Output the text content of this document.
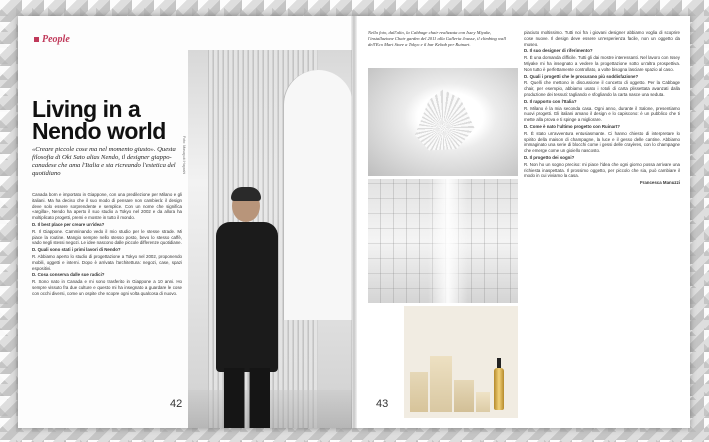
People
Living in a
Nendo world
«Creare piccole cose ma nel momento giusto». Questa filosofia di Oki Sato alias Nendo, il designer giappo-canadese che ama l'Italia e sta ricreando l'estetica del quotidiano

Canada born e importato in Giappone, con una predilezione per Milano e gli italiani. Ma ha deciso che il suo modo di pensare non cambierà: il design deve solo essere sorprendente e semplice. Con un nome che significa «argilla», Nendo ha aperto il suo studio a Tokyo nel 2002 e da allora ha moltiplicato progetti, premi e mostre in tutto il mondo.

D. Il best place per creare un'idea?

R. Il Giappone. Camminando vedo il mio studio per le stesse strade. Mi piace la routine. Mangio sempre nello stesso posto, bevo lo stesso caffè, vado negli stessi negozi. Le idee nascono dalle piccole differenze quotidiane.

D. Quali sono stati i primi lavori di Nendo?

R. Abbiamo aperto lo studio di progettazione a Tokyo nel 2002, proponendo mobili, oggetti e interni. Dopo è arrivata l'architettura: negozi, case, spazi espositivi.

D. Cosa conserva dalle sue radici?

R. Sono nato in Canada e mi sono trasferito in Giappone a 10 anni. Ho sempre vissuto fra due culture e questo mi ha insegnato a guardare le cose con occhi diversi, come un ospite che scopre ogni volta qualcosa di nuovo.

Foto: Masayuki Hayashi
42
Nella foto, dall'alto, la Cabbage chair realizzata con Issey Miyake, l'installazione Chair garden del 2011 alla Galleria Jousse, il climbing wall dell'Eco Mart Store a Tokyo e il bar Kebab per Ruinart.
43

piaciuto moltissimo. Tutti noi fra i giovani designer abbiamo voglia di scoprire cose nuove. Il design deve essere un'esperienza facile, non un oggetto da museo.

D. Il suo designer di riferimento?

R. È una domanda difficile. Tutti gli dai mostre interessanti. Nel lavoro con Issey Miyake mi ha insegnato a vedere la progettazione sotto un'altra prospettiva. Non tutto è perfettamente controllato, a volte bisogna lasciare spazio al caso.

D. Quali i progetti che le procurano più soddisfazione?

R. Quelli che mettono in discussione il concetto di oggetto. Per la Cabbage chair, per esempio, abbiamo usato i rotoli di carta plissettata avanzati dalla produzione dei tessuti: tagliando e sfogliando la carta nasce una seduta.

D. Il rapporto con l'Italia?

R. Milano è la mia seconda casa. Ogni anno, durante il Salone, presentiamo nuovi progetti. Gli italiani amano il design e lo capiscono: è un pubblico che ti mette alla prova e ti spinge a migliorare.

D. Come è nato l'ultimo progetto con Ruinart?

R. È stato un'avventura entusiasmante. Ci hanno chiesto di interpretare lo spirito della maison di champagne, la luce e il gesso delle cantine. Abbiamo immaginato una serie di blocchi come i gessi delle crayères, con lo champagne che emerge come un gioiello nascosto.

D. Il progetto dei sogni?

R. Non ho un sogno preciso: mi piace l'idea che ogni giorno possa arrivare una richiesta inaspettata. Il prossimo oggetto, per piccolo che sia, può cambiare il modo in cui viviamo la casa.

Francesca Manuzzi
